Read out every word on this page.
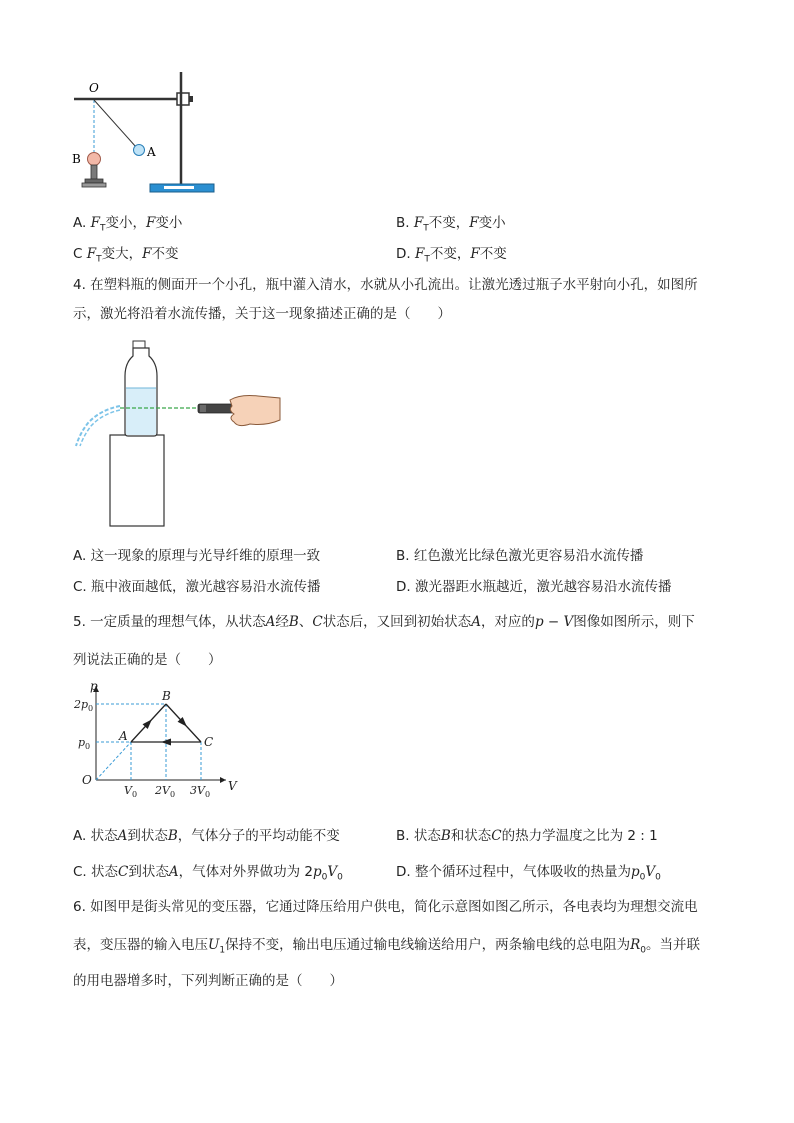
O
A
B
A. $F_T$变小，F变小	B. $F_T$不变，F变小
C $F_T$变大，F不变	D. $F_T$不变，F不变
4. 在塑料瓶的侧面开一个小孔，瓶中灌入清水，水就从小孔流出。让激光透过瓶子水平射向小孔，如图所
示，激光将沿着水流传播，关于这一现象描述正确的是（　　）
A. 这一现象的原理与光导纤维的原理一致	B. 红色激光比绿色激光更容易沿水流传播
C. 瓶中液面越低，激光越容易沿水流传播	D. 激光器距水瓶越近，激光越容易沿水流传播
5. 一定质量的理想气体，从状态A经B、C状态后，又回到初始状态A，对应的p − V图像如图所示，则下
列说法正确的是（　　）
A
B
C
p
V
O
$2p_0$
$p_0$
$V_0$ $2V_0$ $3V_0$
A. 状态A到状态B，气体分子的平均动能不变	B. 状态B和状态C的热力学温度之比为 2 : 1
C. 状态C到状态A，气体对外界做功为 $2p_0V_0$	D. 整个循环过程中，气体吸收的热量为$p_0V_0$
6. 如图甲是街头常见的变压器，它通过降压给用户供电，简化示意图如图乙所示，各电表均为理想交流电
表，变压器的输入电压$U_1$保持不变，输出电压通过输电线输送给用户，两条输电线的总电阻为$R_0$。当并联
的用电器增多时，下列判断正确的是（　　）
